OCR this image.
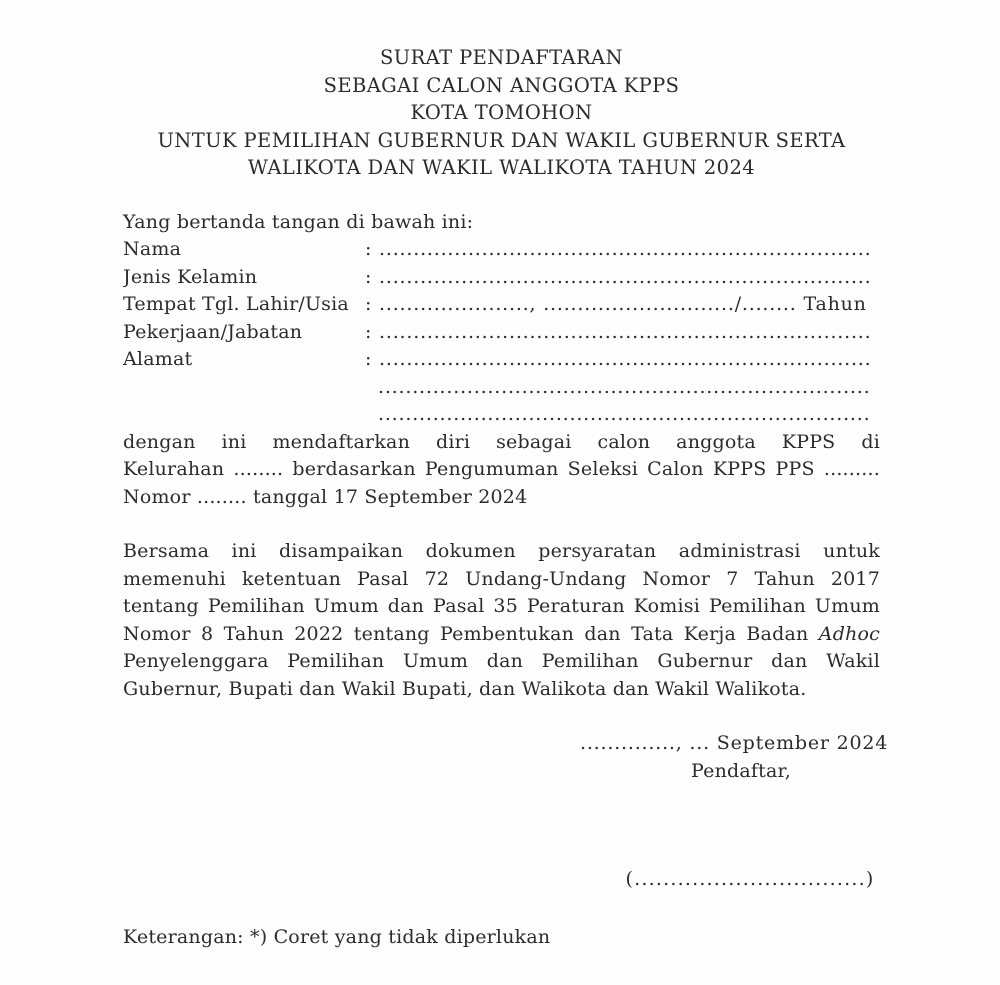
SURAT PENDAFTARAN
SEBAGAI CALON ANGGOTA KPPS
KOTA TOMOHON
UNTUK PEMILIHAN GUBERNUR DAN WAKIL GUBERNUR SERTA
WALIKOTA DAN WAKIL WALIKOTA TAHUN 2024

Yang bertanda tangan di bawah ini:

Nama	: ........................................................................
Jenis Kelamin	: ........................................................................
Tempat Tgl. Lahir/Usia : ......................, ............................/........ Tahun
Pekerjaan/Jabatan	: ........................................................................
Alamat	: ........................................................................
........................................................................
........................................................................
dengan ini mendaftarkan diri sebagai calon anggota KPPS di
Kelurahan ........ berdasarkan Pengumuman Seleksi Calon KPPS PPS .........
Nomor ........ tanggal 17 September 2024
Bersama ini disampaikan dokumen persyaratan administrasi untuk
memenuhi ketentuan Pasal 72 Undang-Undang Nomor 7 Tahun 2017
tentang Pemilihan Umum dan Pasal 35 Peraturan Komisi Pemilihan Umum
Nomor 8 Tahun 2022 tentang Pembentukan dan Tata Kerja Badan Adhoc
Penyelenggara Pemilihan Umum dan Pemilihan Gubernur dan Wakil
Gubernur, Bupati dan Wakil Bupati, dan Walikota dan Wakil Walikota.
.............., ... September 2024
Pendaftar,
(................................)
Keterangan: *) Coret yang tidak diperlukan
